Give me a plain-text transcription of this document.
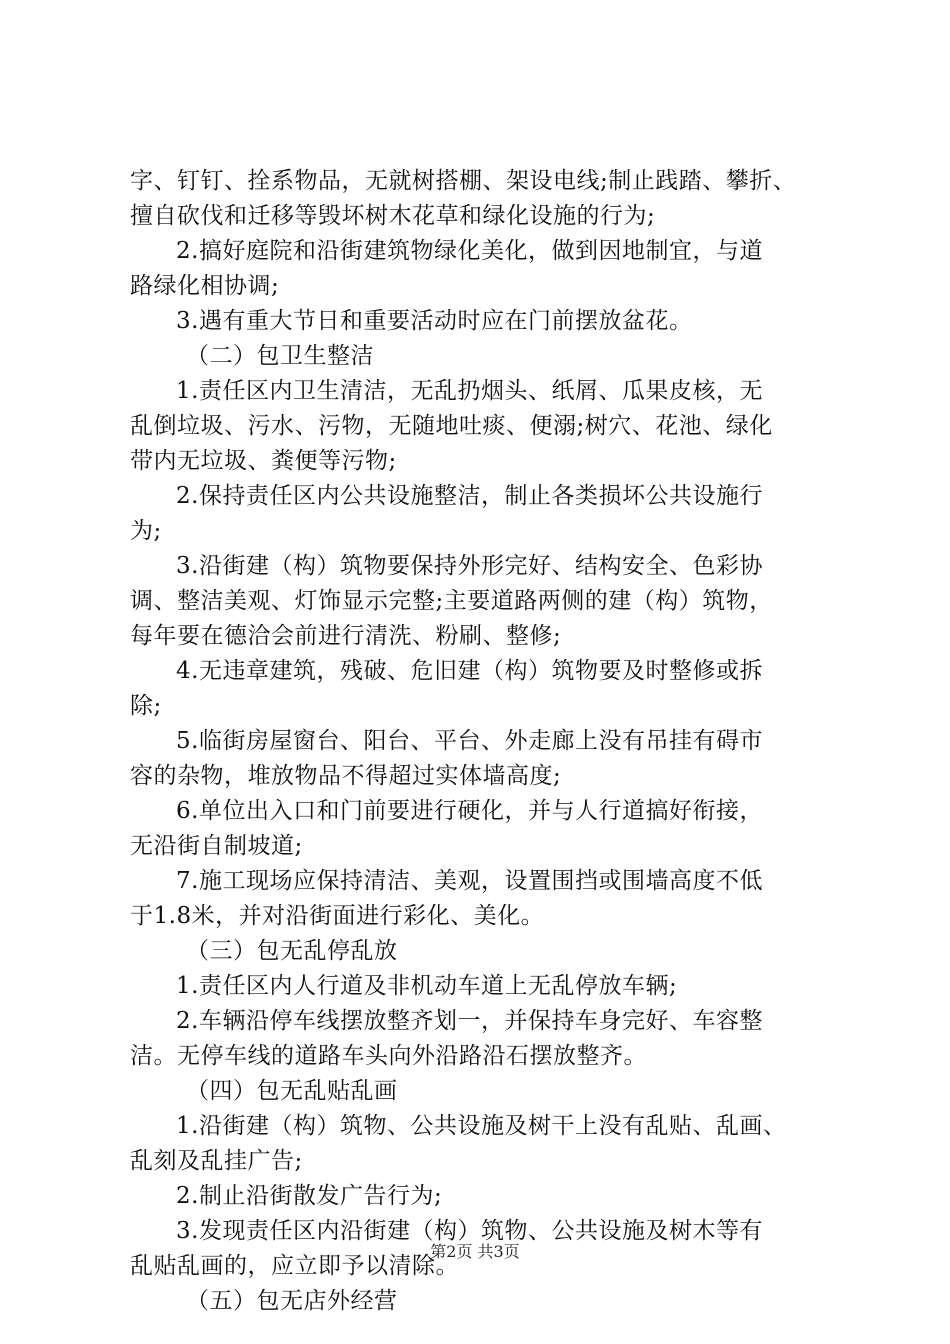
字、钉钉、拴系物品，无就树搭棚、架设电线;制止践踏、攀折、
擅自砍伐和迁移等毁坏树木花草和绿化设施的行为;
2.搞好庭院和沿街建筑物绿化美化，做到因地制宜，与道
路绿化相协调;
3.遇有重大节日和重要活动时应在门前摆放盆花。
（二）包卫生整洁
1.责任区内卫生清洁，无乱扔烟头、纸屑、瓜果皮核，无
乱倒垃圾、污水、污物，无随地吐痰、便溺;树穴、花池、绿化
带内无垃圾、粪便等污物;
2.保持责任区内公共设施整洁，制止各类损坏公共设施行
为;
3.沿街建（构）筑物要保持外形完好、结构安全、色彩协
调、整洁美观、灯饰显示完整;主要道路两侧的建（构）筑物，
每年要在德洽会前进行清洗、粉刷、整修;
4.无违章建筑，残破、危旧建（构）筑物要及时整修或拆
除;
5.临街房屋窗台、阳台、平台、外走廊上没有吊挂有碍市
容的杂物，堆放物品不得超过实体墙高度;
6.单位出入口和门前要进行硬化，并与人行道搞好衔接，
无沿街自制坡道;
7.施工现场应保持清洁、美观，设置围挡或围墙高度不低
于1.8米，并对沿街面进行彩化、美化。
（三）包无乱停乱放
1.责任区内人行道及非机动车道上无乱停放车辆;
2.车辆沿停车线摆放整齐划一，并保持车身完好、车容整
洁。无停车线的道路车头向外沿路沿石摆放整齐。
（四）包无乱贴乱画
1.沿街建（构）筑物、公共设施及树干上没有乱贴、乱画、
乱刻及乱挂广告;
2.制止沿街散发广告行为;
3.发现责任区内沿街建（构）筑物、公共设施及树木等有
乱贴乱画的，应立即予以清除。
（五）包无店外经营
第2页 共3页
